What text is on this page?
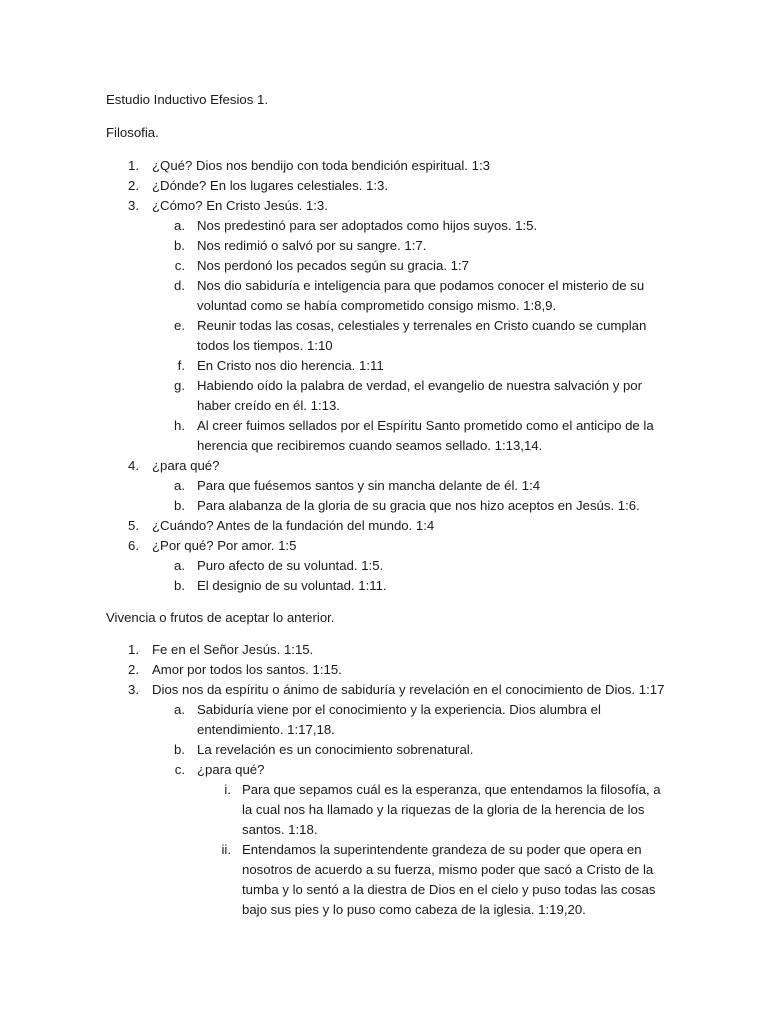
Estudio Inductivo Efesios 1.

Filosofia.

1. ¿Qué? Dios nos bendijo con toda bendición espiritual. 1:3
2. ¿Dónde? En los lugares celestiales. 1:3.
3. ¿Cómo? En Cristo Jesús. 1:3.
a. Nos predestinó para ser adoptados como hijos suyos. 1:5.
b. Nos redimió o salvó por su sangre. 1:7.
c. Nos perdonó los pecados según su gracia. 1:7
d. Nos dio sabiduría e inteligencia para que podamos conocer el misterio de su voluntad como se había comprometido consigo mismo. 1:8,9.
e. Reunir todas las cosas, celestiales y terrenales en Cristo cuando se cumplan todos los tiempos. 1:10
f. En Cristo nos dio herencia. 1:11
g. Habiendo oído la palabra de verdad, el evangelio de nuestra salvación y por haber creído en él. 1:13.
h. Al creer fuimos sellados por el Espíritu Santo prometido como el anticipo de la herencia que recibiremos cuando seamos sellado. 1:13,14.
4. ¿para qué?
a. Para que fuésemos santos y sin mancha delante de él. 1:4
b. Para alabanza de la gloria de su gracia que nos hizo aceptos en Jesús. 1:6.
5. ¿Cuándo? Antes de la fundación del mundo. 1:4
6. ¿Por qué? Por amor. 1:5
a. Puro afecto de su voluntad. 1:5.
b. El designio de su voluntad. 1:11.

Vivencia o frutos de aceptar lo anterior.

1. Fe en el Señor Jesús. 1:15.
2. Amor por todos los santos. 1:15.
3. Dios nos da espíritu o ánimo de sabiduría y revelación en el conocimiento de Dios. 1:17
a. Sabiduría viene por el conocimiento y la experiencia. Dios alumbra el entendimiento. 1:17,18.
b. La revelación es un conocimiento sobrenatural.
c. ¿para qué?
i. Para que sepamos cuál es la esperanza, que entendamos la filosofía, a la cual nos ha llamado y la riquezas de la gloria de la herencia de los santos. 1:18.
ii. Entendamos la superintendente grandeza de su poder que opera en nosotros de acuerdo a su fuerza, mismo poder que sacó a Cristo de la tumba y lo sentó a la diestra de Dios en el cielo y puso todas las cosas bajo sus pies y lo puso como cabeza de la iglesia. 1:19,20.
